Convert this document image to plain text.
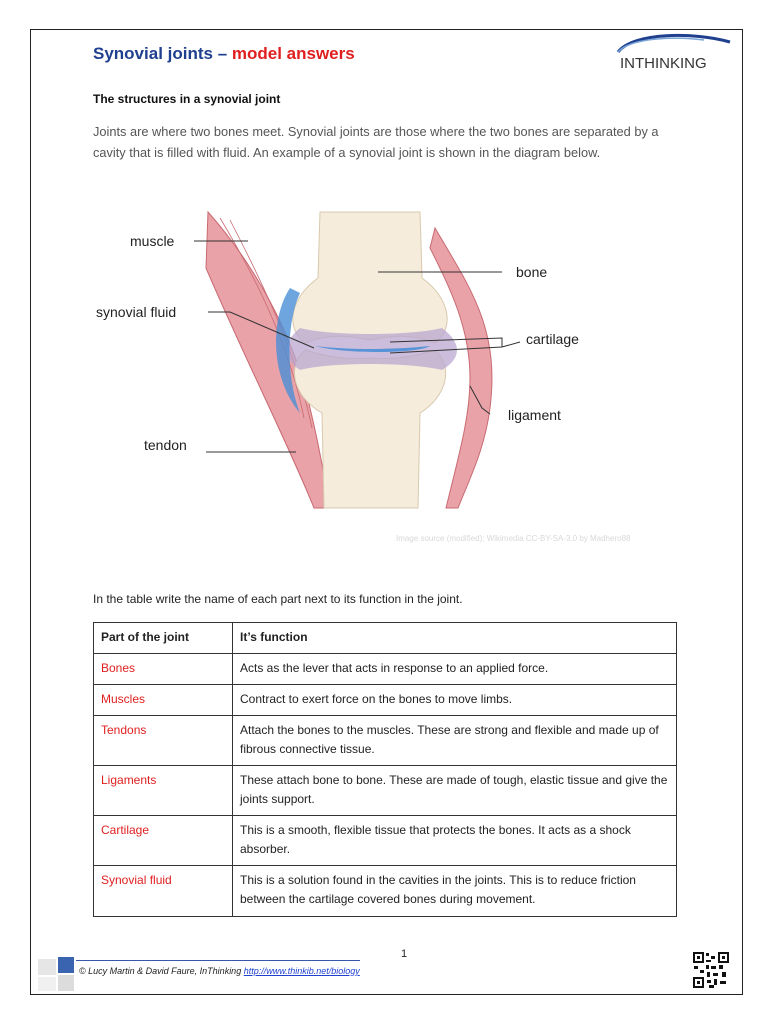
Synovial joints – model answers
INTHINKING
The structures in a synovial joint
Joints are where two bones meet. Synovial joints are those where the two bones are separated by a cavity that is filled with fluid. An example of a synovial joint is shown in the diagram below.
muscle
bone
synovial fluid
cartilage
ligament
tendon
Image source (modified): Wikimedia CC-BY-SA-3.0 by Madhero88
In the table write the name of each part next to its function in the joint.
Part of the joint	It’s function
Bones	Acts as the lever that acts in response to an applied force.
Muscles	Contract to exert force on the bones to move limbs.
Tendons	Attach the bones to the muscles. These are strong and flexible and made up of fibrous connective tissue.
Ligaments	These attach bone to bone. These are made of tough, elastic tissue and give the joints support.
Cartilage	This is a smooth, flexible tissue that protects the bones. It acts as a shock absorber.
Synovial fluid	This is a solution found in the cavities in the joints. This is to reduce friction between the cartilage covered bones during movement.
1
© Lucy Martin & David Faure, InThinking http://www.thinkib.net/biology
